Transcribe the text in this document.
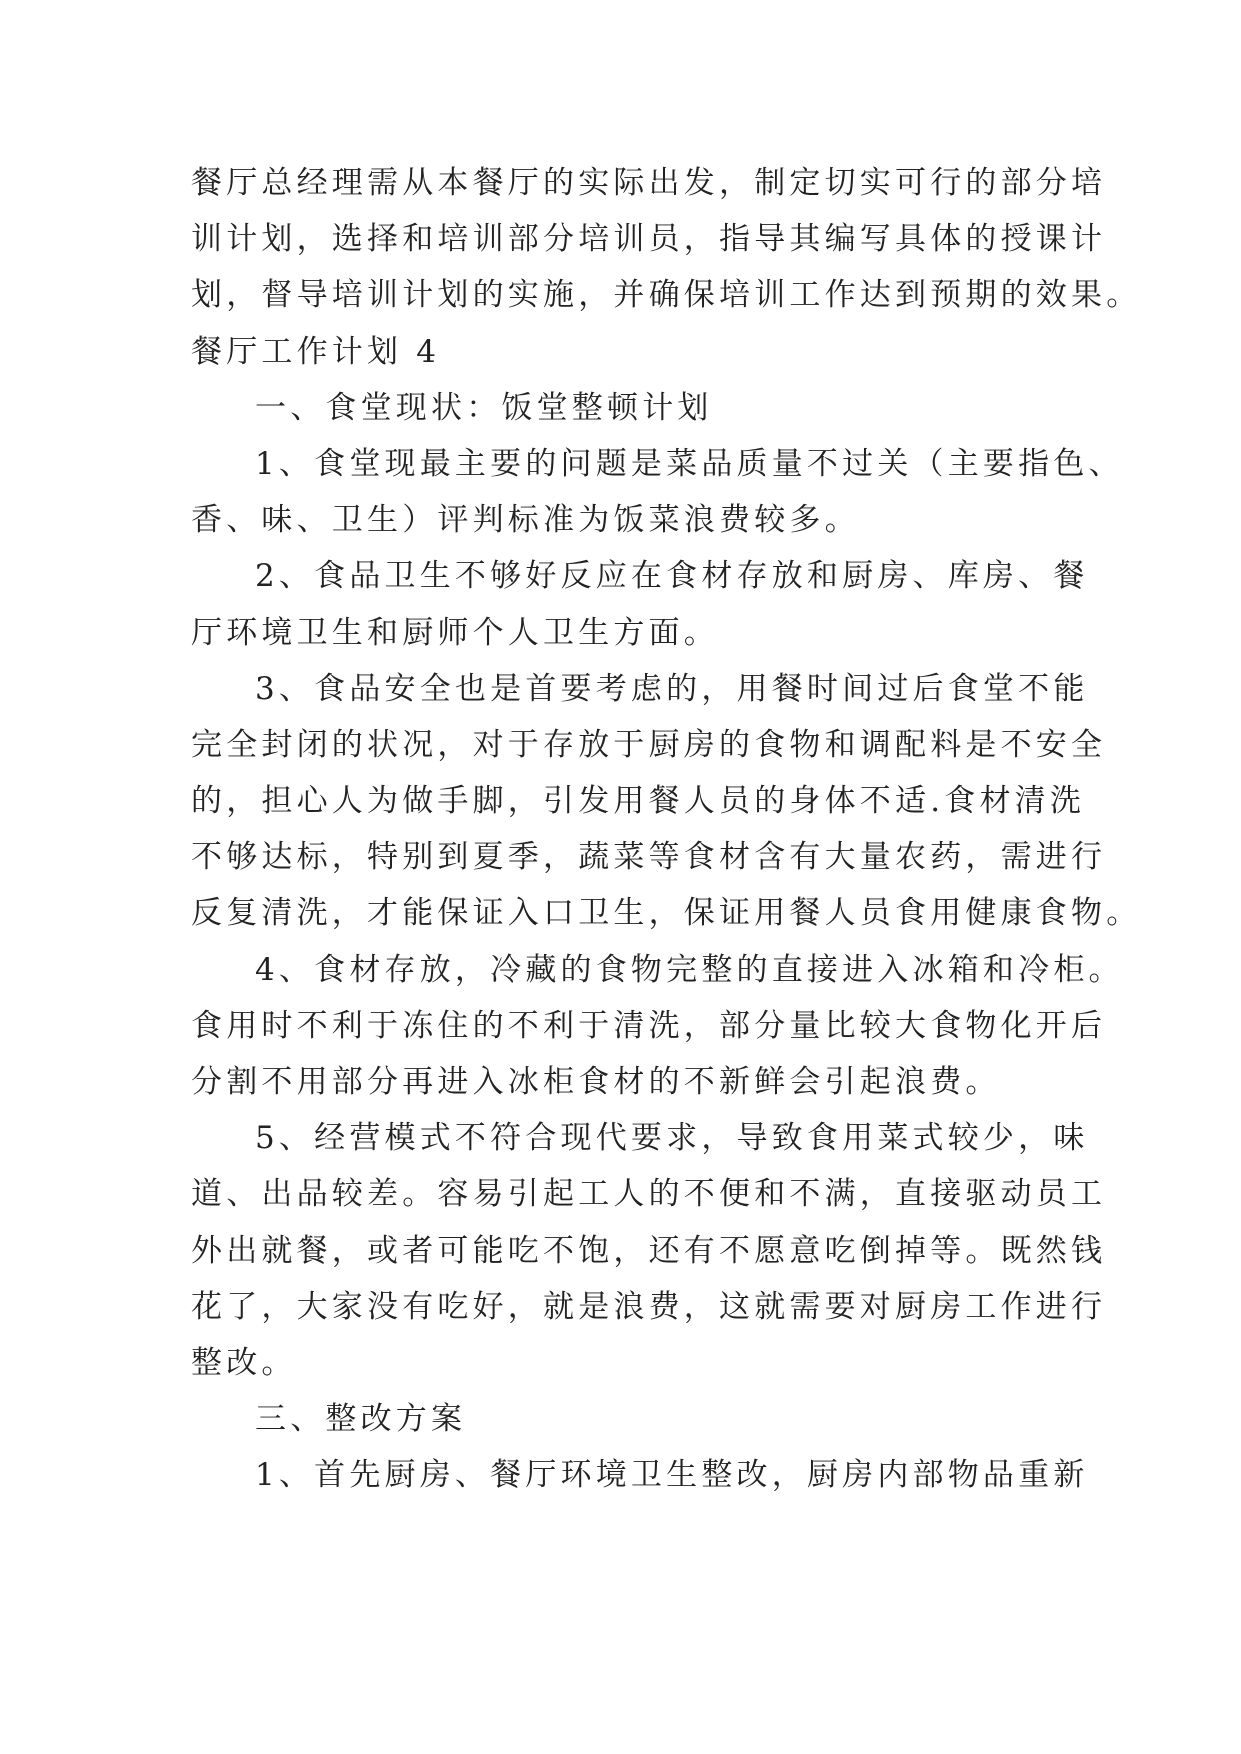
餐厅总经理需从本餐厅的实际出发，制定切实可行的部分培
训计划，选择和培训部分培训员，指导其编写具体的授课计
划，督导培训计划的实施，并确保培训工作达到预期的效果。
餐厅工作计划 4
一、食堂现状：饭堂整顿计划
1、食堂现最主要的问题是菜品质量不过关（主要指色、
香、味、卫生）评判标准为饭菜浪费较多。
2、食品卫生不够好反应在食材存放和厨房、库房、餐
厅环境卫生和厨师个人卫生方面。
3、食品安全也是首要考虑的，用餐时间过后食堂不能
完全封闭的状况，对于存放于厨房的食物和调配料是不安全
的，担心人为做手脚，引发用餐人员的身体不适.食材清洗
不够达标，特别到夏季，蔬菜等食材含有大量农药，需进行
反复清洗，才能保证入口卫生，保证用餐人员食用健康食物。
4、食材存放，冷藏的食物完整的直接进入冰箱和冷柜。
食用时不利于冻住的不利于清洗，部分量比较大食物化开后
分割不用部分再进入冰柜食材的不新鲜会引起浪费。
5、经营模式不符合现代要求，导致食用菜式较少，味
道、出品较差。容易引起工人的不便和不满，直接驱动员工
外出就餐，或者可能吃不饱，还有不愿意吃倒掉等。既然钱
花了，大家没有吃好，就是浪费，这就需要对厨房工作进行
整改。
三、整改方案
1、首先厨房、餐厅环境卫生整改，厨房内部物品重新
